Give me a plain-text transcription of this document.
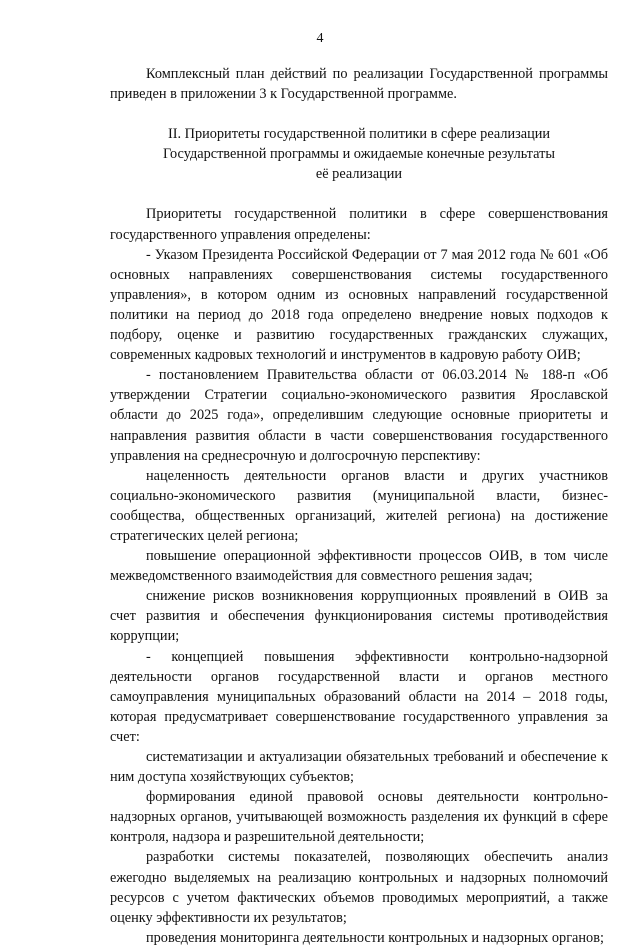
4

Комплексный план действий по реализации Государственной программы приведен в приложении 3 к Государственной программе.

II. Приоритеты государственной политики в сфере реализации
Государственной программы и ожидаемые конечные результаты
её реализации

Приоритеты государственной политики в сфере совершенствования государственного управления определены:

- Указом Президента Российской Федерации от 7 мая 2012 года № 601 «Об основных направлениях совершенствования системы государственного управления», в котором одним из основных направлений государственной политики на период до 2018 года определено внедрение новых подходов к подбору, оценке и развитию государственных гражданских служащих, современных кадровых технологий и инструментов в кадровую работу ОИВ;

- постановлением Правительства области от 06.03.2014 № 188-п «Об утверждении Стратегии социально-экономического развития Ярославской области до 2025 года», определившим следующие основные приоритеты и направления развития области в части совершенствования государственного управления на среднесрочную и долгосрочную перспективу:

нацеленность деятельности органов власти и других участников социально-экономического развития (муниципальной власти, бизнес-сообщества, общественных организаций, жителей региона) на достижение стратегических целей региона;

повышение операционной эффективности процессов ОИВ, в том числе межведомственного взаимодействия для совместного решения задач;

снижение рисков возникновения коррупционных проявлений в ОИВ за счет развития и обеспечения функционирования системы противодействия коррупции;

- концепцией повышения эффективности контрольно-надзорной деятельности органов государственной власти и органов местного самоуправления муниципальных образований области на 2014 – 2018 годы, которая предусматривает совершенствование государственного управления за счет:

систематизации и актуализации обязательных требований и обеспечение к ним доступа хозяйствующих субъектов;

формирования единой правовой основы деятельности контрольно-надзорных органов, учитывающей возможность разделения их функций в сфере контроля, надзора и разрешительной деятельности;

разработки системы показателей, позволяющих обеспечить анализ ежегодно выделяемых на реализацию контрольных и надзорных полномочий ресурсов с учетом фактических объемов проводимых мероприятий, а также оценку эффективности их результатов;

проведения мониторинга деятельности контрольных и надзорных органов;
